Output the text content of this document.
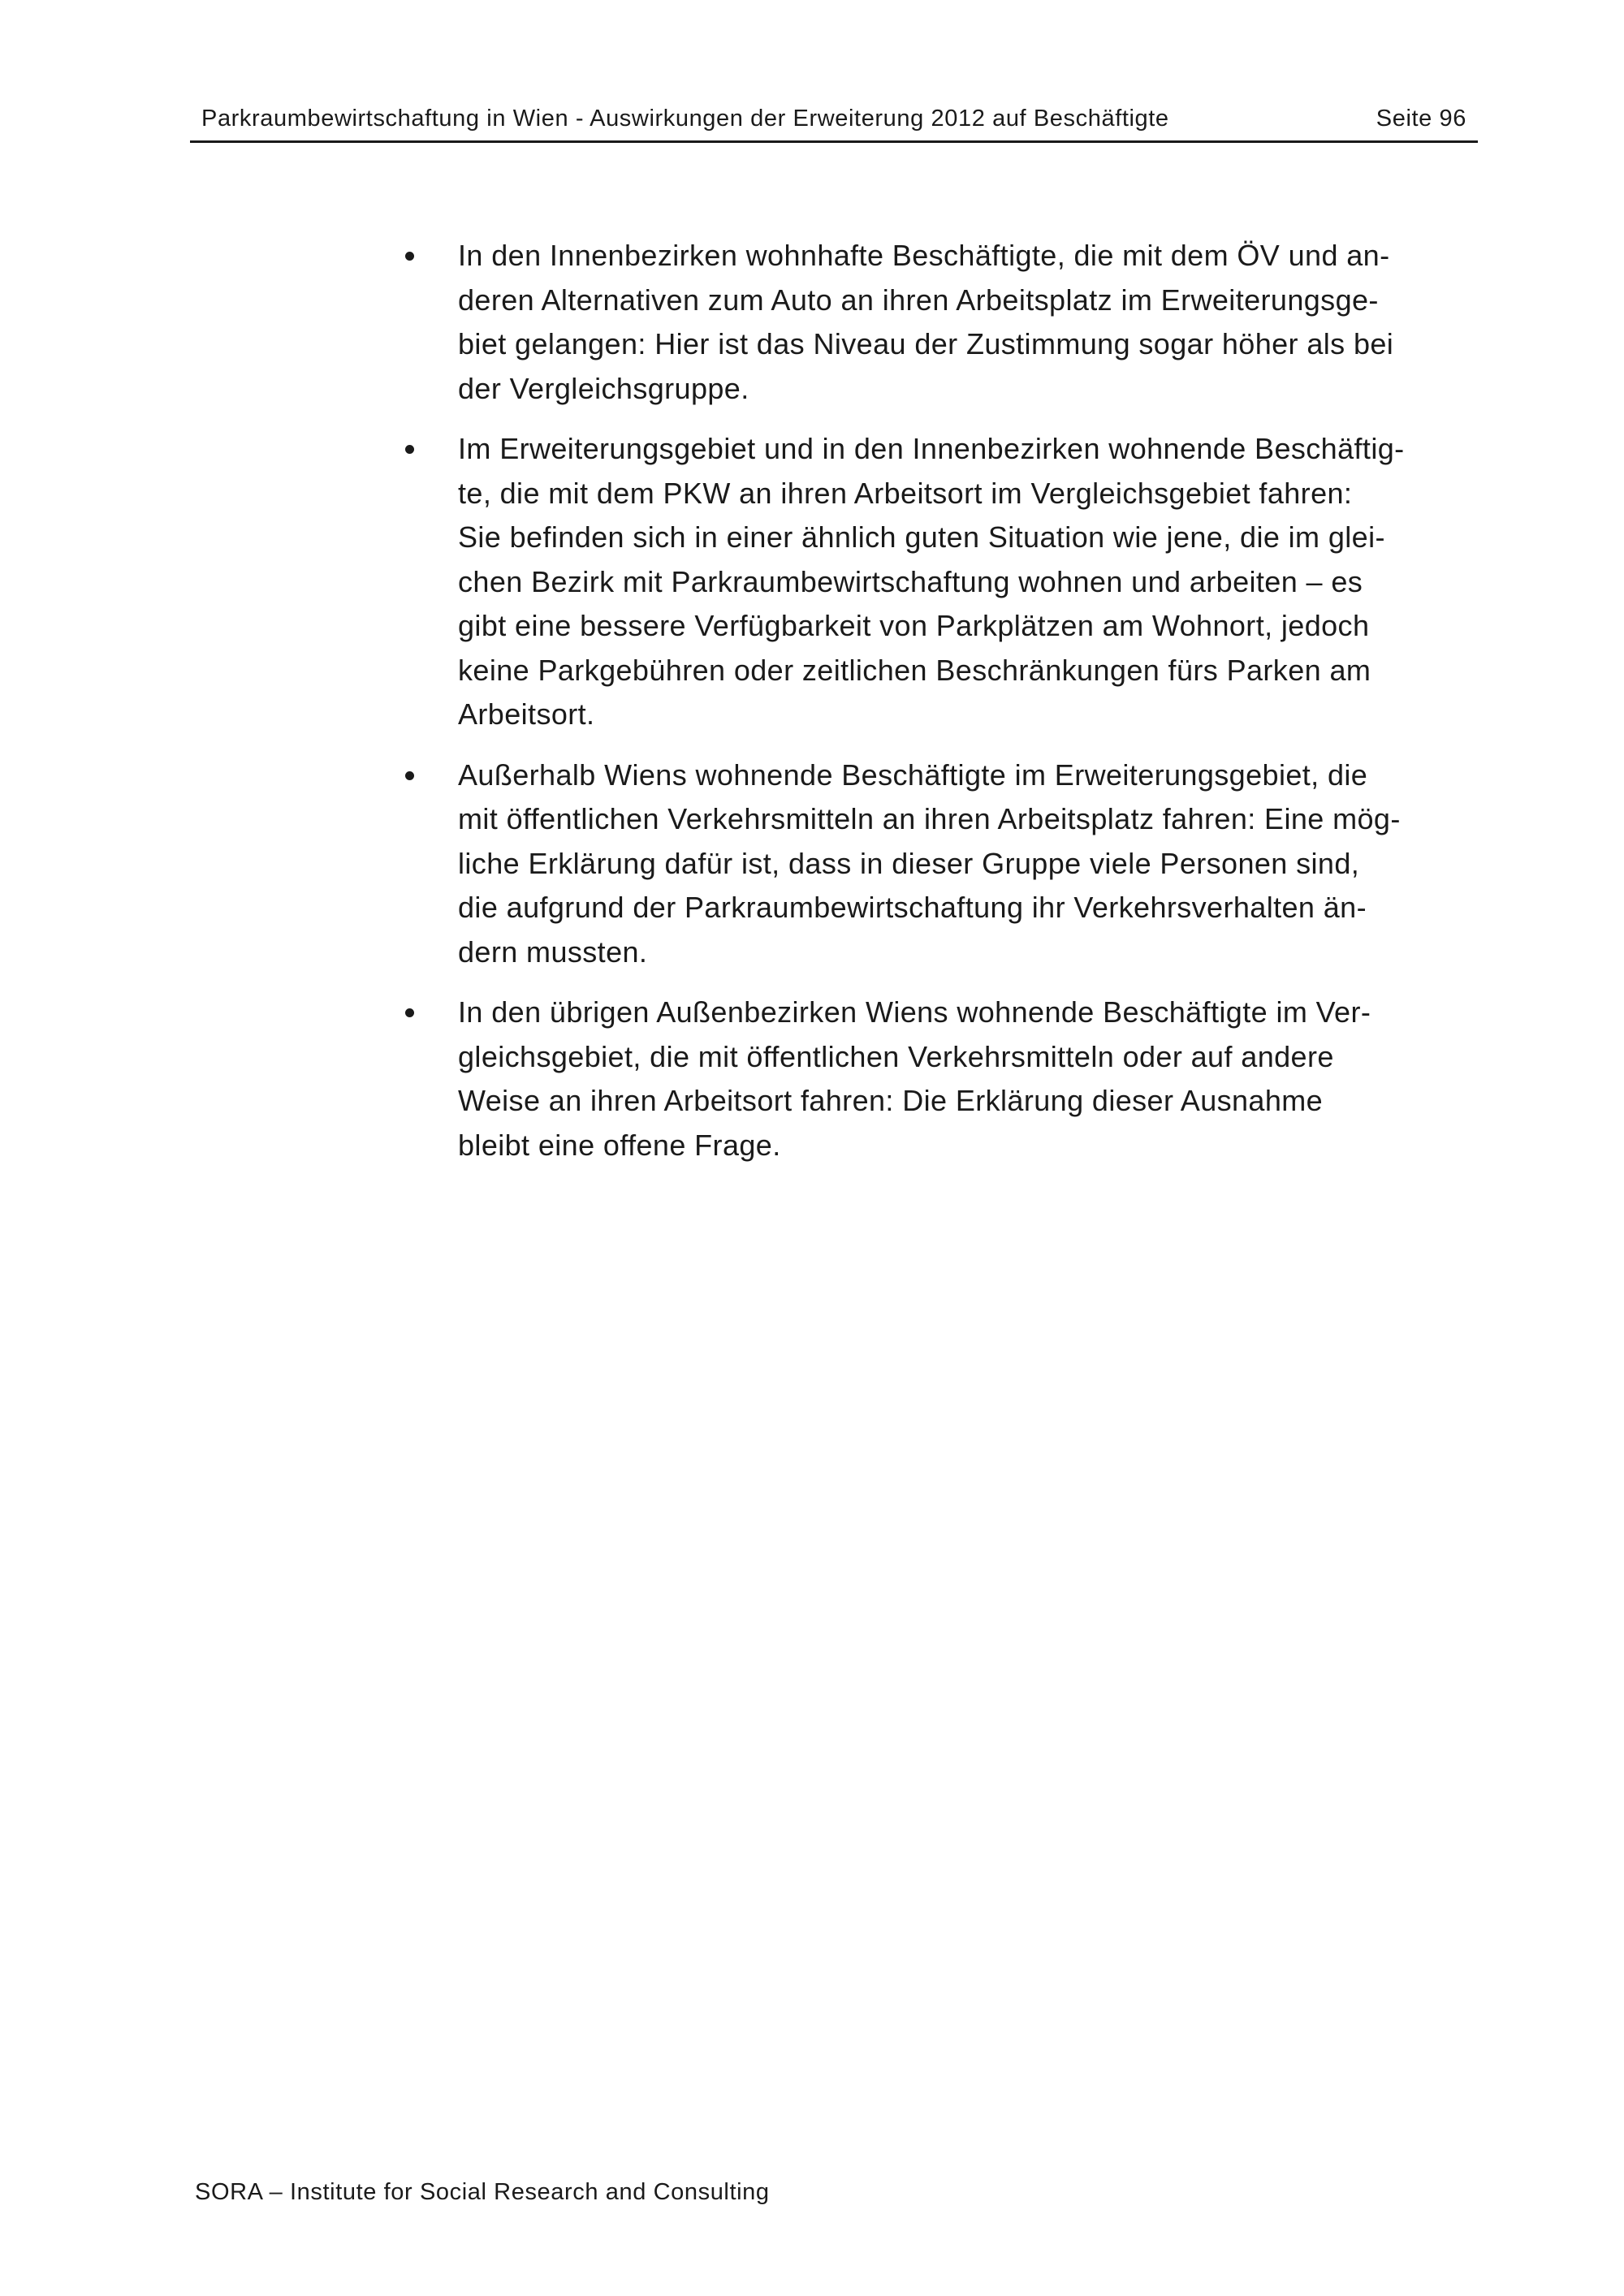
Parkraumbewirtschaftung in Wien - Auswirkungen der Erweiterung 2012 auf Beschäftigte	Seite 96
In den Innenbezirken wohnhafte Beschäftigte, die mit dem ÖV und an-
deren Alternativen zum Auto an ihren Arbeitsplatz im Erweiterungsge-
biet gelangen: Hier ist das Niveau der Zustimmung sogar höher als bei
der Vergleichsgruppe.
Im Erweiterungsgebiet und in den Innenbezirken wohnende Beschäftig-
te, die mit dem PKW an ihren Arbeitsort im Vergleichsgebiet fahren:
Sie befinden sich in einer ähnlich guten Situation wie jene, die im glei-
chen Bezirk mit Parkraumbewirtschaftung wohnen und arbeiten – es
gibt eine bessere Verfügbarkeit von Parkplätzen am Wohnort, jedoch
keine Parkgebühren oder zeitlichen Beschränkungen fürs Parken am
Arbeitsort.
Außerhalb Wiens wohnende Beschäftigte im Erweiterungsgebiet, die
mit öffentlichen Verkehrsmitteln an ihren Arbeitsplatz fahren: Eine mög-
liche Erklärung dafür ist, dass in dieser Gruppe viele Personen sind,
die aufgrund der Parkraumbewirtschaftung ihr Verkehrsverhalten än-
dern mussten.
In den übrigen Außenbezirken Wiens wohnende Beschäftigte im Ver-
gleichsgebiet, die mit öffentlichen Verkehrsmitteln oder auf andere
Weise an ihren Arbeitsort fahren: Die Erklärung dieser Ausnahme
bleibt eine offene Frage.
SORA – Institute for Social Research and Consulting
